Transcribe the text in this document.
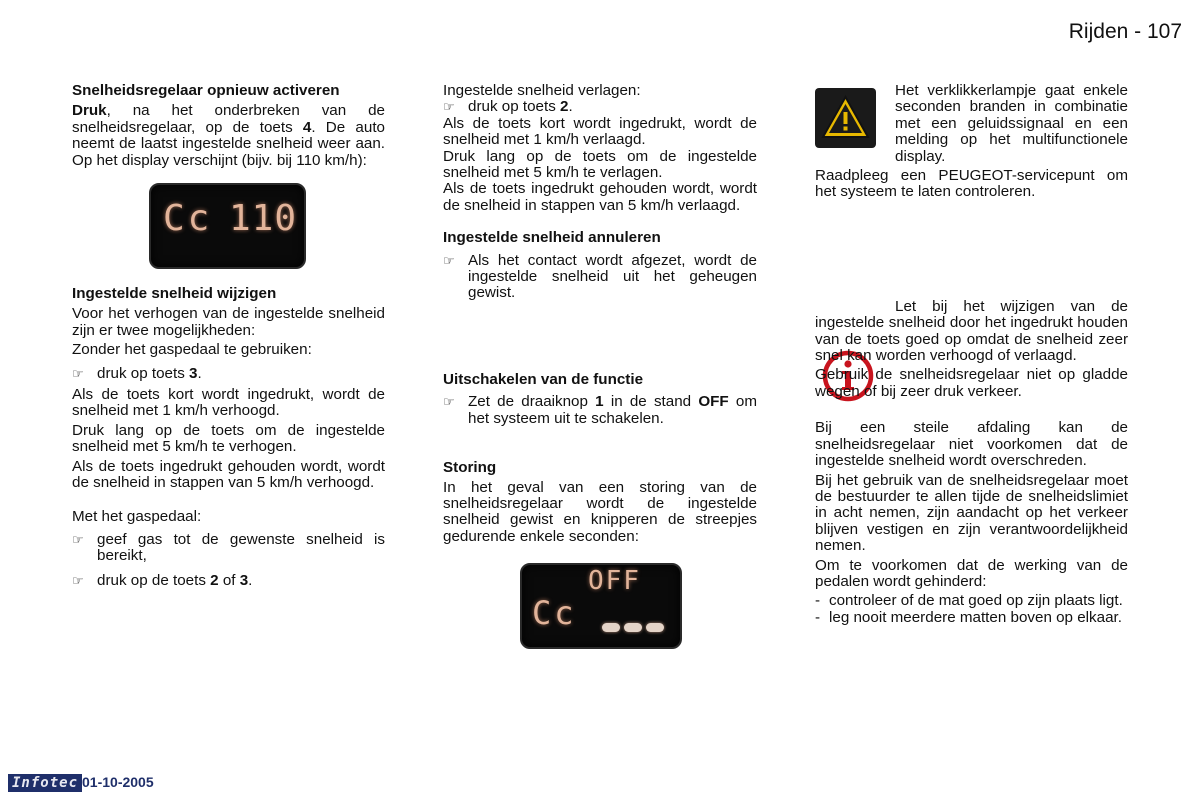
Rijden - 107

Snelheidsregelaar opnieuw activeren

Druk, na het onderbreken van de snelheidsregelaar, op de toets 4. De auto neemt de laatst ingestelde snelheid weer aan. Op het display verschijnt (bijv. bij 110 km/h):

Cc 110

Ingestelde snelheid wijzigen

Voor het verhogen van de ingestelde snelheid zijn er twee mogelijkheden:

Zonder het gaspedaal te gebruiken:

☞ druk op toets 3.

Als de toets kort wordt ingedrukt, wordt de snelheid met 1 km/h verhoogd.

Druk lang op de toets om de ingestelde snelheid met 5 km/h te verhogen.

Als de toets ingedrukt gehouden wordt, wordt de snelheid in stappen van 5 km/h verhoogd.

Met het gaspedaal:

☞ geef gas tot de gewenste snelheid is bereikt,
☞ druk op de toets 2 of 3.

Ingestelde snelheid verlagen:

☞ druk op toets 2.

Als de toets kort wordt ingedrukt, wordt de snelheid met 1 km/h verlaagd.

Druk lang op de toets om de ingestelde snelheid met 5 km/h te verlagen.

Als de toets ingedrukt gehouden wordt, wordt de snelheid in stappen van 5 km/h verlaagd.

Ingestelde snelheid annuleren

☞ Als het contact wordt afgezet, wordt de ingestelde snelheid uit het geheugen gewist.

Uitschakelen van de functie

☞ Zet de draaiknop 1 in de stand OFF om het systeem uit te schakelen.

Storing

In het geval van een storing van de snelheidsregelaar wordt de ingestelde snelheid gewist en knipperen de streepjes gedurende enkele seconden:

OFF
Cc

Het verklikkerlampje gaat enkele seconden branden in combinatie met een geluidssignaal en een melding op het multifunctionele display.

Raadpleeg een PEUGEOT-servicepunt om het systeem te laten controleren.

Let bij het wijzigen van de ingestelde snelheid door het ingedrukt houden van de toets goed op omdat de snelheid zeer snel kan worden verhoogd of verlaagd.

Gebruik de snelheidsregelaar niet op gladde wegen of bij zeer druk verkeer.

Bij een steile afdaling kan de snelheidsregelaar niet voorkomen dat de ingestelde snelheid wordt overschreden.

Bij het gebruik van de snelheidsregelaar moet de bestuurder te allen tijde de snelheidslimiet in acht nemen, zijn aandacht op het verkeer blijven vestigen en zijn verantwoordelijkheid nemen.

Om te voorkomen dat de werking van de pedalen wordt gehinderd:

- controleer of de mat goed op zijn plaats ligt.
- leg nooit meerdere matten boven op elkaar.
Infotec 01-10-2005
